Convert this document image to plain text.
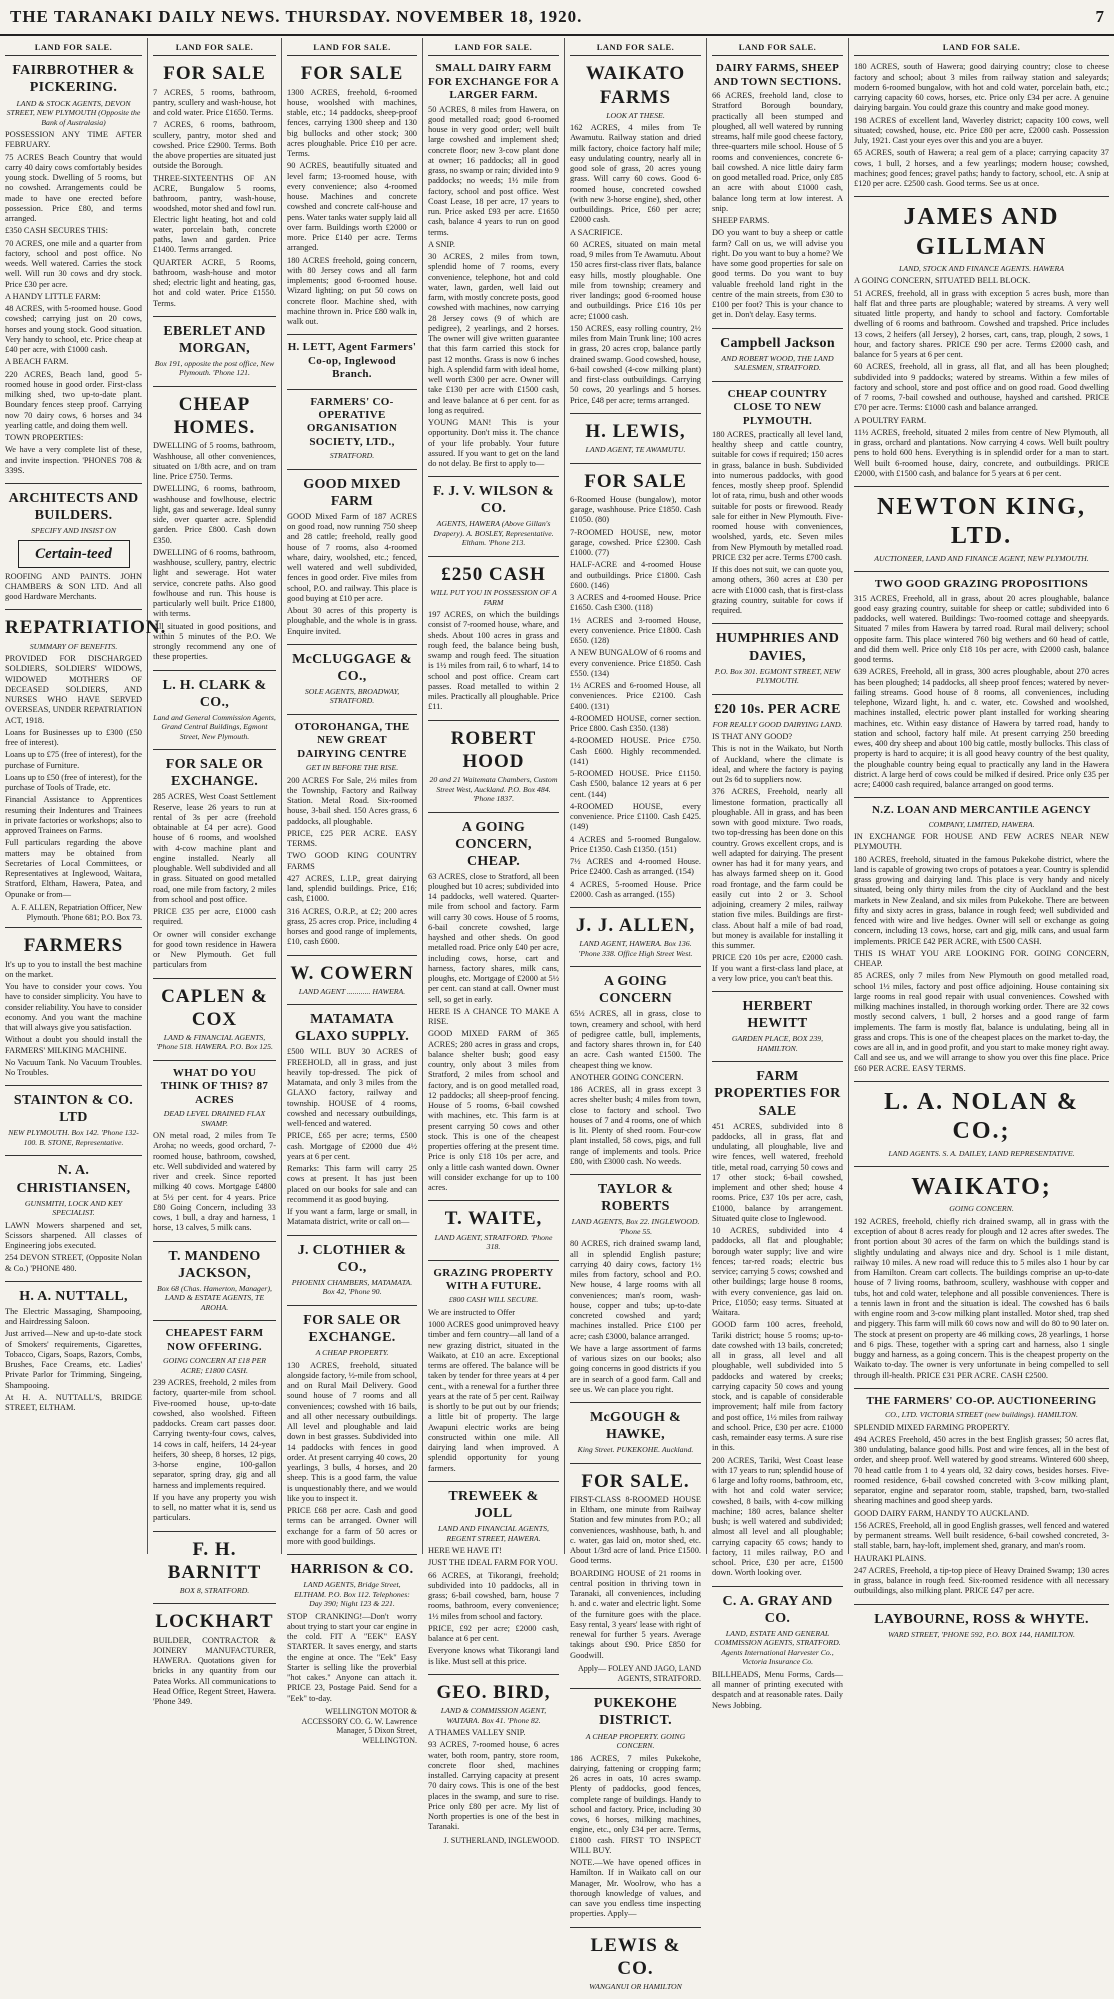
THE TARANAKI DAILY NEWS. THURSDAY. NOVEMBER 18, 1920.	7
LAND FOR SALE.
FAIRBROTHER & PICKERING.
LAND & STOCK AGENTS, DEVON STREET, NEW PLYMOUTH (Opposite the Bank of Australasia)

POSSESSION ANY TIME AFTER FEBRUARY.

75 ACRES Beach Country that would carry 40 dairy cows comfortably besides young stock. Dwelling of 5 rooms, but no cowshed. Arrangements could be made to have one erected before possession. Price £80, and terms arranged.

£350 CASH SECURES THIS:

70 ACRES, one mile and a quarter from factory, school and post office. No weeds. Well watered. Carries the stock well. Will run 30 cows and dry stock. Price £30 per acre.

A HANDY LITTLE FARM:

48 ACRES, with 5-roomed house. Good cowshed; carrying just on 20 cows, horses and young stock. Good situation. Very handy to school, etc. Price cheap at £40 per acre, with £1000 cash.

A BEACH FARM.

220 ACRES, Beach land, good 5-roomed house in good order. First-class milking shed, two up-to-date plant. Boundary fences steep proof. Carrying now 70 dairy cows, 6 horses and 34 yearling cattle, and doing them well.

TOWN PROPERTIES:

We have a very complete list of these, and invite inspection. 'PHONES 708 & 339S.

ARCHITECTS AND BUILDERS.
SPECIFY AND INSIST ON
Certain-teed

ROOFING AND PAINTS. JOHN CHAMBERS & SON LTD. And all good Hardware Merchants.

REPATRIATION.
SUMMARY OF BENEFITS.

PROVIDED FOR DISCHARGED SOLDIERS, SOLDIERS' WIDOWS, WIDOWED MOTHERS OF DECEASED SOLDIERS, AND NURSES WHO HAVE SERVED OVERSEAS, UNDER REPATRIATION ACT, 1918.

Loans for Businesses up to £300 (£50 free of interest).

Loans up to £75 (free of interest), for the purchase of Furniture.

Loans up to £50 (free of interest), for the purchase of Tools of Trade, etc.

Financial Assistance to Apprentices resuming their Indentures and Trainees in private factories or workshops; also to approved Trainees on Farms.

Full particulars regarding the above matters may be obtained from Secretaries of Local Committees, or Representatives at Inglewood, Waitara, Stratford, Eltham, Hawera, Patea, and Opunake or from—

A. F. ALLEN, Repatriation Officer, New Plymouth. 'Phone 681; P.O. Box 73.
FARMERS

It's up to you to install the best machine on the market.

You have to consider your cows. You have to consider simplicity. You have to consider reliability. You have to consider economy. And you want the machine that will always give you satisfaction.

Without a doubt you should install the FARMERS' MILKING MACHINE.

No Vacuum Tank. No Vacuum Troubles. No Troubles.

STAINTON & CO. LTD
NEW PLYMOUTH. Box 142. 'Phone 132-100. B. STONE, Representative.
N. A. CHRISTIANSEN,
GUNSMITH, LOCK AND KEY SPECIALIST.

LAWN Mowers sharpened and set, Scissors sharpened. All classes of Engineering jobs executed.

254 DEVON STREET, (Opposite Nolan & Co.) 'PHONE 480.

H. A. NUTTALL,

The Electric Massaging, Shampooing, and Hairdressing Saloon.

Just arrived—New and up-to-date stock of Smokers' requirements, Cigarettes, Tobacco, Cigars, Soaps, Razors, Combs, Brushes, Face Creams, etc. Ladies' Private Parlor for Trimming, Singeing, Shampooing.

At H. A. NUTTALL'S, BRIDGE STREET, ELTHAM.

LAND FOR SALE.
FOR SALE

7 ACRES, 5 rooms, bathroom, pantry, scullery and wash-house, hot and cold water. Price £1650. Terms.

7 ACRES, 6 rooms, bathroom, scullery, pantry, motor shed and cowshed. Price £2900. Terms. Both the above properties are situated just outside the Borough.

THREE-SIXTEENTHS OF AN ACRE, Bungalow 5 rooms, bathroom, pantry, wash-house, woodshed, motor shed and fowl run. Electric light heating, hot and cold water, porcelain bath, concrete paths, lawn and garden. Price £1400. Terms arranged.

QUARTER ACRE, 5 Rooms, bathroom, wash-house and motor shed; electric light and heating, gas, hot and cold water. Price £1550. Terms.

EBERLET AND MORGAN,
Box 191, opposite the post office, New Plymouth. 'Phone 121.
CHEAP HOMES.

DWELLING of 5 rooms, bathroom, Washhouse, all other conveniences, situated on 1/8th acre, and on tram line. Price £750. Terms.

DWELLING, 6 rooms, bathroom, washhouse and fowlhouse, electric light, gas and sewerage. Ideal sunny side, over quarter acre. Splendid garden. Price £800. Cash down £350.

DWELLING of 6 rooms, bathroom, washhouse, scullery, pantry, electric light and sewerage. Hot water service, concrete paths. Also good fowlhouse and run. This house is particularly well built. Price £1800, with terms.

All situated in good positions, and within 5 minutes of the P.O. We strongly recommend any one of these properties.

L. H. CLARK & CO.,
Land and General Commission Agents, Grand Central Buildings, Egmont Street, New Plymouth.
FOR SALE OR EXCHANGE.

285 ACRES, West Coast Settlement Reserve, lease 26 years to run at rental of 3s per acre (freehold obtainable at £4 per acre). Good house of 6 rooms, and woolshed with 4-cow machine plant and engine installed. Nearly all ploughable. Well subdivided and all in grass. Situated on good metalled road, one mile from factory, 2 miles from school and post office.

PRICE £35 per acre, £1000 cash required.

Or owner will consider exchange for good town residence in Hawera or New Plymouth. Get full particulars from

CAPLEN & COX
LAND & FINANCIAL AGENTS, 'Phone 518. HAWERA. P.O. Box 125.
WHAT DO YOU THINK OF THIS? 87 ACRES
DEAD LEVEL DRAINED FLAX SWAMP.

ON metal road, 2 miles from Te Aroha; no weeds, good orchard, 7-roomed house, bathroom, cowshed, etc. Well subdivided and watered by river and creek. Since reported milking 40 cows. Mortgage £4800 at 5½ per cent. for 4 years. Price £80 Going Concern, including 33 cows, 1 bull, a dray and harness, 1 horse, 13 calves, 5 milk cans.

T. MANDENO JACKSON,
Box 68 (Chas. Hamerton, Manager), LAND & ESTATE AGENTS, TE AROHA.
CHEAPEST FARM NOW OFFERING.
GOING CONCERN AT £18 PER ACRE; £1800 CASH.

239 ACRES, freehold, 2 miles from factory, quarter-mile from school. Five-roomed house, up-to-date cowshed, also woolshed. Fifteen paddocks. Cream cart passes door. Carrying twenty-four cows, calves, 14 cows in calf, heifers, 14 24-year heifers, 30 sheep, 8 horses, 12 pigs, 3-horse engine, 100-gallon separator, spring dray, gig and all harness and implements required.

If you have any property you wish to sell, no matter what it is, send us particulars.

F. H. BARNITT
BOX 8, STRATFORD.
LOCKHART

BUILDER, CONTRACTOR & JOINERY MANUFACTURER, HAWERA. Quotations given for bricks in any quantity from our Patea Works. All communications to Head Office, Regent Street, Hawera. 'Phone 349.

LAND FOR SALE.
FOR SALE

1300 ACRES, freehold, 6-roomed house, woolshed with machines, stable, etc.; 14 paddocks, sheep-proof fences, carrying 1300 sheep and 130 big bullocks and other stock; 300 acres ploughable. Price £10 per acre. Terms.

90 ACRES, beautifully situated and level farm; 13-roomed house, with every convenience; also 4-roomed house. Machines and concrete cowshed and concrete calf-house and pens. Water tanks water supply laid all over farm. Buildings worth £2000 or more. Price £140 per acre. Terms arranged.

180 ACRES freehold, going concern, with 80 Jersey cows and all farm implements; good 6-roomed house. Wizard lighting; on put 50 cows on concrete floor. Machine shed, with machine thrown in. Price £80 walk in, walk out.

H. LETT, Agent Farmers' Co-op, Inglewood Branch.
FARMERS' CO-OPERATIVE ORGANISATION SOCIETY, LTD.,
STRATFORD.
GOOD MIXED FARM

GOOD Mixed Farm of 187 ACRES on good road, now running 750 sheep and 28 cattle; freehold, really good house of 7 rooms, also 4-roomed whare, dairy, woolshed, etc.; fenced, well watered and well subdivided, fences in good order. Five miles from school, P.O. and railway. This place is good buying at £10 per acre.

About 30 acres of this property is ploughable, and the whole is in grass. Enquire invited.

McCLUGGAGE & CO.,
SOLE AGENTS, BROADWAY, STRATFORD.
OTOROHANGA, THE NEW GREAT DAIRYING CENTRE
GET IN BEFORE THE RISE.

200 ACRES For Sale, 2½ miles from the Township, Factory and Railway Station. Metal Road. Six-roomed house, 3-bail shed. 150 Acres grass, 6 paddocks, all ploughable.

PRICE, £25 PER ACRE. EASY TERMS.

TWO GOOD KING COUNTRY FARMS

427 ACRES, L.I.P., great dairying land, splendid buildings. Price, £16; cash, £1000.

316 ACRES, O.R.P., at £2; 200 acres grass, 25 acres crop. Price, including 4 horses and good range of implements, £10, cash £600.

W. COWERN
LAND AGENT ............ HAWERA.
MATAMATA GLAXO SUPPLY.

£500 WILL BUY 30 ACRES of FREEHOLD, all in grass, and just heavily top-dressed. The pick of Matamata, and only 3 miles from the GLAXO factory, railway and township. HOUSE of 4 rooms, cowshed and necessary outbuildings, well-fenced and watered.

PRICE, £65 per acre; terms, £500 cash. Mortgage of £2000 due 4½ years at 6 per cent.

Remarks: This farm will carry 25 cows at present. It has just been placed on our books for sale and can recommend it as good buying.

If you want a farm, large or small, in Matamata district, write or call on—

J. CLOTHIER & CO.,
PHOENIX CHAMBERS, MATAMATA. Box 42, 'Phone 90.
FOR SALE OR EXCHANGE.
A CHEAP PROPERTY.

130 ACRES, freehold, situated alongside factory, ½-mile from school, and on Rural Mail Delivery. Good sound house of 7 rooms and all conveniences; cowshed with 16 bails, and all other necessary outbuildings. All level and ploughable and laid down in best grasses. Subdivided into 14 paddocks with fences in good order. At present carrying 40 cows, 20 yearlings, 3 bulls, 4 horses, and 20 sheep. This is a good farm, the value is unquestionably there, and we would like you to inspect it.

PRICE £68 per acre. Cash and good terms can be arranged. Owner will exchange for a farm of 50 acres or more with good buildings.

HARRISON & CO.
LAND AGENTS, Bridge Street, ELTHAM. P.O. Box 112. Telephones: Day 390; Night 123 & 221.

STOP CRANKING!—Don't worry about trying to start your car engine in the cold. FIT A "EEK" EASY STARTER. It saves energy, and starts the engine at once. The "Eek" Easy Starter is selling like the proverbial "hot cakes." Anyone can attach it. PRICE 23, Postage Paid. Send for a "Eek" to-day.

WELLINGTON MOTOR & ACCESSORY CO. G. W. Lawrence Manager, 5 Dixon Street, WELLINGTON.
LAND FOR SALE.
SMALL DAIRY FARM FOR EXCHANGE FOR A LARGER FARM.

50 ACRES, 8 miles from Hawera, on good metalled road; good 6-roomed house in very good order; well built large cowshed and implement shed; concrete floor; new 3-cow plant done at owner; 16 paddocks; all in good grass, no swamp or rain; divided into 9 paddocks; no weeds; 1½ mile from factory, school and post office. West Coast Lease, 18 per acre, 17 years to run. Price asked £93 per acre. £1650 cash, balance 4 years to run on good terms.

A SNIP.

30 ACRES, 2 miles from town, splendid home of 7 rooms, every convenience, telephone, hot and cold water, lawn, garden, well laid out farm, with mostly concrete posts, good cowshed with machines, now carrying 28 Jersey cows (9 of which are pedigree), 2 yearlings, and 2 horses. The owner will give written guarantee that this farm carried this stock for past 12 months. Grass is now 6 inches high. A splendid farm with ideal home, well worth £300 per acre. Owner will take £130 per acre with £1500 cash, and leave balance at 6 per cent. for as long as required.

YOUNG MAN! This is your opportunity. Don't miss it. The chance of your life probably. Your future assured. If you want to get on the land do not delay. Be first to apply to—

F. J. V. WILSON & CO.
AGENTS, HAWERA (Above Gillan's Drapery). A. BOSLEY, Representative. Eltham. 'Phone 213.
£250 CASH
WILL PUT YOU IN POSSESSION OF A FARM

197 ACRES, on which the buildings consist of 7-roomed house, whare, and sheds. About 100 acres in grass and rough feed, the balance being bush, swamp and rough feed. The situation is 1½ miles from rail, 6 to wharf, 14 to school and post office. Cream cart passes. Road metalled to within 2 miles. Practically all ploughable. Price £11.

ROBERT HOOD
20 and 21 Waitemata Chambers, Custom Street West, Auckland. P.O. Box 484. 'Phone 1837.
A GOING CONCERN, CHEAP.

63 ACRES, close to Stratford, all been ploughed but 10 acres; subdivided into 14 paddocks, well watered. Quarter-mile from school and factory. Farm will carry 30 cows. House of 5 rooms, 6-bail concrete cowshed, large hayshed and other sheds. On good metalled road. Price only £40 per acre, including cows, horse, cart and harness, factory shares, milk cans, ploughs, etc. Mortgage of £2000 at 5½ per cent. can stand at call. Owner must sell, so get in early.

HERE IS A CHANCE TO MAKE A RISE.

GOOD MIXED FARM of 365 ACRES; 280 acres in grass and crops, balance shelter bush; good easy country, only about 3 miles from Stratford, 2 miles from school and factory, and is on good metalled road, 12 paddocks; all sheep-proof fencing. House of 5 rooms, 6-bail cowshed with machines, etc. This farm is at present carrying 50 cows and other stock. This is one of the cheapest properties offering at the present time. Price is only £18 10s per acre, and only a little cash wanted down. Owner will consider exchange for up to 100 acres.

T. WAITE,
LAND AGENT, STRATFORD. 'Phone 318.
GRAZING PROPERTY WITH A FUTURE.
£800 CASH WILL SECURE.

We are instructed to Offer

1000 ACRES good unimproved heavy timber and fern country—all land of a new grazing district, situated in the Waikato, at £10 an acre. Exceptional terms are offered. The balance will be taken by tender for three years at 4 per cent., with a renewal for a further three years at the rate of 5 per cent. Railway is shortly to be put out by our friends; a little bit of property. The large Awapuni electric works are being constructed within one mile. All dairying land when improved. A splendid opportunity for young farmers.

TREWEEK & JOLL
LAND AND FINANCIAL AGENTS, REGENT STREET, HAWERA.

HERE WE HAVE IT!

JUST THE IDEAL FARM FOR YOU.

66 ACRES, at Tikorangi, freehold; subdivided into 10 paddocks, all in grass; 6-bail cowshed, barn, house 7 rooms, bathroom, every convenience; 1½ miles from school and factory.

PRICE, £92 per acre; £2000 cash, balance at 6 per cent.

Everyone knows what Tikorangi land is like. Must sell at this price.

GEO. BIRD,
LAND & COMMISSION AGENT, WAITARA. Box 41. 'Phone 82.

A THAMES VALLEY SNIP.

93 ACRES, 7-roomed house, 6 acres water, both room, pantry, store room, concrete floor shed, machines installed. Carrying capacity at present 70 dairy cows. This is one of the best places in the swamp, and sure to rise. Price only £80 per acre. My list of North properties is one of the best in Taranaki.

J. SUTHERLAND, INGLEWOOD.
LAND FOR SALE.
WAIKATO FARMS
LOOK AT THESE.

162 ACRES, 4 miles from Te Awamutu. Railway station and dried milk factory, choice factory half mile; easy undulating country, nearly all in good sole of grass, 20 acres young grass. Will carry 60 cows. Good 6-roomed house, concreted cowshed (with new 3-horse engine), shed, other outbuildings. Price, £60 per acre; £2000 cash.

A SACRIFICE.

60 ACRES, situated on main metal road, 9 miles from Te Awamutu. About 150 acres first-class river flats, balance easy hills, mostly ploughable. One mile from township; creamery and river landings; good 6-roomed house and outbuildings. Price £16 10s per acre; £1000 cash.

150 ACRES, easy rolling country, 2½ miles from Main Trunk line; 100 acres in grass, 20 acres crop, balance partly drained swamp. Good cowshed, house, 6-bail cowshed (4-cow milking plant) and first-class outbuildings. Carrying 50 cows, 20 yearlings and 5 horses. Price, £48 per acre; terms arranged.

H. LEWIS,
LAND AGENT, TE AWAMUTU.
FOR SALE

6-Roomed House (bungalow), motor garage, washhouse. Price £1850. Cash £1050. (80)

7-ROOMED HOUSE, new, motor garage, cowshed. Price £2300. Cash £1000. (77)

HALF-ACRE and 4-roomed House and outbuildings. Price £1800. Cash £600. (146)

3 ACRES and 4-roomed House. Price £1650. Cash £300. (118)

1½ ACRES and 3-roomed House, every convenience. Price £1800. Cash £650. (128)

A NEW BUNGALOW of 6 rooms and every convenience. Price £1850. Cash £550. (134)

1½ ACRES and 6-roomed House, all conveniences. Price £2100. Cash £400. (131)

4-ROOMED HOUSE, corner section. Price £800. Cash £350. (138)

4-ROOMED HOUSE. Price £750. Cash £600. Highly recommended. (141)

5-ROOMED HOUSE. Price £1150. Cash £500, balance 12 years at 6 per cent. (144)

4-ROOMED HOUSE, every convenience. Price £1100. Cash £425. (149)

4 ACRES and 5-roomed Bungalow. Price £1350. Cash £1350. (151)

7½ ACRES and 4-roomed House. Price £2400. Cash as arranged. (154)

4 ACRES, 5-roomed House. Price £2000. Cash as arranged. (155)

J. J. ALLEN,
LAND AGENT, HAWERA. Box 136. 'Phone 338. Office High Street West.
A GOING CONCERN

65½ ACRES, all in grass, close to town, creamery and school, with herd of pedigree cattle, bull, implements, and factory shares thrown in, for £40 an acre. Cash wanted £1500. The cheapest thing we know.

ANOTHER GOING CONCERN.

186 ACRES, all in grass except 3 acres shelter bush; 4 miles from town, close to factory and school. Two houses of 7 and 4 rooms, one of which is lit. Plenty of shed room. Four-cow plant installed, 58 cows, pigs, and full range of implements and tools. Price £80, with £3000 cash. No weeds.

TAYLOR & ROBERTS
LAND AGENTS, Box 22. INGLEWOOD. 'Phone 55.

80 ACRES, rich drained swamp land, all in splendid English pasture; carrying 40 dairy cows, factory 1½ miles from factory, school and P.O. New house, 4 large rooms with all conveniences; man's room, wash-house, copper and tubs; up-to-date concreted cowshed and yard; machines installed. Price £100 per acre; cash £3000, balance arranged.

We have a large assortment of farms of various sizes on our books; also going concerns in good districts if you are in search of a good farm. Call and see us. We can place you right.

McGOUGH & HAWKE,
King Street. PUKEKOHE. Auckland.
FOR SALE.

FIRST-CLASS 8-ROOMED HOUSE in Eltham, one minute from Railway Station and few minutes from P.O.; all conveniences, washhouse, bath, h. and c. water, gas laid on, motor shed, etc. About 1/3rd acre of land. Price £1500. Good terms.

BOARDING HOUSE of 21 rooms in central position in thriving town in Taranaki, all conveniences, including h. and c. water and electric light. Some of the furniture goes with the place. Easy rental, 3 years' lease with right of renewal for further 5 years. Average takings about £90. Price £850 for Goodwill.

Apply— FOLEY AND JAGO, LAND AGENTS, STRATFORD.
PUKEKOHE DISTRICT.
A CHEAP PROPERTY. GOING CONCERN.

186 ACRES, 7 miles Pukekohe, dairying, fattening or cropping farm; 26 acres in oats, 10 acres swamp. Plenty of paddocks, good fences, complete range of buildings. Handy to school and factory. Price, including 30 cows, 6 horses, milking machines, engine, etc., only £34 per acre. Terms, £1800 cash. FIRST TO INSPECT WILL BUY.

NOTE.—We have opened offices in Hamilton. If in Waikato call on our Manager, Mr. Woolrow, who has a thorough knowledge of values, and can save you endless time inspecting properties. Apply—

LEWIS & CO.
WANGANUI OR HAMILTON
LAND FOR SALE.
DAIRY FARMS, SHEEP AND TOWN SECTIONS.

66 ACRES, freehold land, close to Stratford Borough boundary, practically all been stumped and ploughed, all well watered by running streams, half mile good cheese factory, three-quarters mile school. House of 5 rooms and conveniences, concrete 6-bail cowshed. A nice little dairy farm on good metalled road. Price, only £85 an acre with about £1000 cash, balance long term at low interest. A snip.

SHEEP FARMS.

DO you want to buy a sheep or cattle farm? Call on us, we will advise you right. Do you want to buy a home? We have some good properties for sale on good terms. Do you want to buy valuable freehold land right in the centre of the main streets, from £30 to £100 per foot? This is your chance to get in. Don't delay. Easy terms.

Campbell Jackson
AND ROBERT WOOD, THE LAND SALESMEN, STRATFORD.
CHEAP COUNTRY CLOSE TO NEW PLYMOUTH.

180 ACRES, practically all level land, healthy sheep and cattle country, suitable for cows if required; 150 acres in grass, balance in bush. Subdivided into numerous paddocks, with good fences, mostly sheep proof. Splendid lot of rata, rimu, bush and other woods suitable for posts or firewood. Ready sale for either in New Plymouth. Five-roomed house with conveniences, woolshed, yards, etc. Seven miles from New Plymouth by metalled road. PRICE £32 per acre. Terms £700 cash.

If this does not suit, we can quote you, among others, 360 acres at £30 per acre with £1000 cash, that is first-class grazing country, suitable for cows if required.

HUMPHRIES AND DAVIES,
P.O. Box 301. EGMONT STREET, NEW PLYMOUTH.
£20 10s. PER ACRE
FOR REALLY GOOD DAIRYING LAND.

IS THAT ANY GOOD?

This is not in the Waikato, but North of Auckland, where the climate is ideal, and where the factory is paying out 2s 6d to suppliers now.

376 ACRES, Freehold, nearly all limestone formation, practically all ploughable. All in grass, and has been sown with good mixture. Two roads, two top-dressing has been done on this country. Grows excellent crops, and is well adapted for dairying. The present owner has had it for many years, and has always farmed sheep on it. Good road frontage, and the farm could be easily cut into 2 or 3. School adjoining, creamery 2 miles, railway station five miles. Buildings are first-class. About half a mile of bad road, but money is available for installing it this summer.

PRICE £20 10s per acre, £2000 cash. If you want a first-class land place, at a very low price, you can't beat this.

HERBERT HEWITT
GARDEN PLACE, BOX 239, HAMILTON.
FARM PROPERTIES FOR SALE

451 ACRES, subdivided into 8 paddocks, all in grass, flat and undulating, all ploughable, live and wire fences, well watered, freehold title, metal road, carrying 50 cows and 17 other stock; 6-bail cowshed, implement and other shed; house 4 rooms. Price, £37 10s per acre, cash, £1000, balance by arrangement. Situated quite close to Inglewood.

10 ACRES, subdivided into 4 paddocks, all flat and ploughable; borough water supply; live and wire fences; tar-red roads; electric bus service; carrying 5 cows; cowshed and other buildings; large house 8 rooms, with every convenience, gas laid on. Price, £1050; easy terms. Situated at Waitara.

GOOD farm 100 acres, freehold, Tariki district; house 5 rooms; up-to-date cowshed with 13 bails, concreted; all in grass, all level and all ploughable, well subdivided into 5 paddocks and watered by creeks; carrying capacity 50 cows and young stock, and is capable of considerable improvement; half mile from factory and post office, 1½ miles from railway and school. Price, £30 per acre. £1000 cash, remainder easy terms. A sure rise in this.

200 ACRES, Tariki, West Coast lease with 17 years to run; splendid house of 6 large and lofty rooms, bathroom, etc, with hot and cold water service; cowshed, 8 bails, with 4-cow milking machine; 180 acres, balance shelter bush; is well watered and subdivided; almost all level and all ploughable; carrying capacity 65 cows; handy to factory, 11 miles railway, P.O and school. Price, £30 per acre, £1500 down. Worth looking over.

C. A. GRAY AND CO.
LAND, ESTATE AND GENERAL COMMISSION AGENTS, STRATFORD. Agents International Harvester Co., Victoria Insurance Co.

BILLHEADS, Menu Forms, Cards—all manner of printing executed with despatch and at reasonable rates. Daily News Jobbing.

LAND FOR SALE.

180 ACRES, south of Hawera; good dairying country; close to cheese factory and school; about 3 miles from railway station and saleyards; modern 6-roomed bungalow, with hot and cold water, porcelain bath, etc.; carrying capacity 60 cows, horses, etc. Price only £34 per acre. A genuine dairying bargain. You could graze this country and make good money.

198 ACRES of excellent land, Waverley district; capacity 100 cows, well situated; cowshed, house, etc. Price £80 per acre, £2000 cash. Possession July, 1921. Cast your eyes over this and you are a buyer.

65 ACRES, south of Hawera; a real gem of a place; carrying capacity 37 cows, 1 bull, 2 horses, and a few yearlings; modern house; cowshed, machines; good fences; gravel paths; handy to factory, school, etc. A snip at £120 per acre. £2500 cash. Good terms. See us at once.

JAMES AND GILLMAN
LAND, STOCK AND FINANCE AGENTS. HAWERA

A GOING CONCERN, SITUATED BELL BLOCK.

51 ACRES, freehold, all in grass with exception 5 acres bush, more than half flat and three parts are ploughable; watered by streams. A very well situated little property, and handy to school and factory. Comfortable dwelling of 6 rooms and bathroom. Cowshed and trapshed. Price includes 13 cows, 2 heifers (all Jersey), 2 horses, cart, cans, trap, plough, 2 sows, 1 hour, and factory shares. PRICE £90 per acre. Terms £2000 cash, and balance for 5 years at 6 per cent.

60 ACRES, freehold, all in grass, all flat, and all has been ploughed; subdivided into 9 paddocks; watered by streams. Within a few miles of factory and school, store and post office and on good road. Good dwelling of 7 rooms, 7-bail cowshed and outhouse, hayshed and cartshed. PRICE £70 per acre. Terms: £1000 cash and balance arranged.

A POULTRY FARM.

11½ ACRES, freehold, situated 2 miles from centre of New Plymouth, all in grass, orchard and plantations. Now carrying 4 cows. Well built poultry pens to hold 600 hens. Everything is in splendid order for a man to start. Well built 6-roomed house, dairy, concrete, and outbuildings. PRICE £2000, with £1500 cash, and balance for 5 years at 6 per cent.

NEWTON KING, LTD.
AUCTIONEER, LAND AND FINANCE AGENT, NEW PLYMOUTH.
TWO GOOD GRAZING PROPOSITIONS

315 ACRES, Freehold, all in grass, about 20 acres ploughable, balance good easy grazing country, suitable for sheep or cattle; subdivided into 6 paddocks, well watered. Buildings: Two-roomed cottage and sheepyards. Situated 7 miles from Hawera by tarred road. Rural mail delivery; school opposite farm. This place wintered 760 big wethers and 60 head of cattle, and did them well. Price only £18 10s per acre, with £2000 cash, balance good terms.

639 ACRES, Freehold, all in grass, 300 acres ploughable, about 270 acres has been ploughed; 14 paddocks, all sheep proof fences; watered by never-failing streams. Good house of 8 rooms, all conveniences, including telephone, Wizard light, h. and c. water, etc. Cowshed and woolshed, machines installed, electric power plant installed for working shearing machines, etc. Within easy distance of Hawera by tarred road, handy to station and school, factory half mile. At present carrying 250 breeding ewes, 400 dry sheep and about 100 big cattle, mostly bullocks. This class of property is hard to acquire; it is all good heavy country of the best quality, the ploughable country being equal to practically any land in the Hawera district. A large herd of cows could be milked if desired. Price only £35 per acre; £4000 cash required, balance arranged on good terms.

N.Z. LOAN AND MERCANTILE AGENCY
COMPANY, LIMITED, HAWERA.

IN EXCHANGE FOR HOUSE AND FEW ACRES NEAR NEW PLYMOUTH.

180 ACRES, freehold, situated in the famous Pukekohe district, where the land is capable of growing two crops of potatoes a year. Country is splendid grass growing and dairying land. This place is very handy and nicely situated, being only thirty miles from the city of Auckland and the best markets in New Zealand, and six miles from Pukekohe. There are between fifty and sixty acres in grass, balance in rough feed; well subdivided and fenced with wire and live hedges. Owner will sell or exchange as going concern, including 13 cows, horse, cart and gig, milk cans, and usual farm implements. PRICE £42 PER ACRE, with £500 CASH.

THIS IS WHAT YOU ARE LOOKING FOR. GOING CONCERN, CHEAP.

85 ACRES, only 7 miles from New Plymouth on good metalled road, school 1½ miles, factory and post office adjoining. House containing six large rooms in real good repair with usual conveniences. Cowshed with milking machines installed, in thorough working order. There are 32 cows mostly second calvers, 1 bull, 2 horses and a good range of farm implements. The farm is mostly flat, balance is undulating, being all in grass and crops. This is one of the cheapest places on the market to-day, the cows are all in, and in good profit, and you start to make money right away. Call and see us, and we will arrange to show you over this fine place. Price £60 PER ACRE. EASY TERMS.

L. A. NOLAN & CO.;
LAND AGENTS. S. A. DAILEY, LAND REPRESENTATIVE.
WAIKATO;
GOING CONCERN.

192 ACRES, freehold, chiefly rich drained swamp, all in grass with the exception of about 8 acres ready for plough and 12 acres after swedes. The front portion about 30 acres of the farm on which the buildings stand is slightly undulating and always nice and dry. School is 1 mile distant, railway 10 miles. A new road will reduce this to 5 miles also 1 hour by car from Hamilton. Cream cart collects. The buildings comprise an up-to-date house of 7 living rooms, bathroom, scullery, washhouse with copper and tubs, hot and cold water, telephone and all possible conveniences. There is a tennis lawn in front and the situation is ideal. The cowshed has 6 bails with engine room and 3-cow milking plant installed. Motor shed, trap shed and piggery. This farm will milk 60 cows now and will do 80 to 90 later on. The stock at present on property are 46 milking cows, 28 yearlings, 1 horse and 6 pigs. These, together with a spring cart and harness, also 1 single buggy and harness, as a going concern. This is the cheapest property on the Waikato to-day. The owner is very unfortunate in being compelled to sell through ill-health. PRICE £31 PER ACRE. CASH £2500.

THE FARMERS' CO-OP. AUCTIONEERING
CO., LTD. VICTORIA STREET (new buildings). HAMILTON.

SPLENDID MIXED FARMING PROPERTY.

494 ACRES Freehold, 450 acres in the best English grasses; 50 acres flat, 380 undulating, balance good hills. Post and wire fences, all in the best of order, and sheep proof. Well watered by good streams. Wintered 600 sheep, 70 head cattle from 1 to 4 years old, 32 dairy cows, besides horses. Five-roomed residence, 6-bail cowshed concreted with 3-cow milking plant, separator, engine and separator room, stable, trapshed, barn, two-stalled shearing machines and good sheep yards.

GOOD DAIRY FARM, HANDY TO AUCKLAND.

156 ACRES, Freehold, all in good English grasses, well fenced and watered by permanent streams. Well built residence, 6-bail cowshed concreted, 3-stall stable, barn, hay-loft, implement shed, granary, and man's room.

HAURAKI PLAINS.

247 ACRES, Freehold, a tip-top piece of Heavy Drained Swamp; 130 acres in grass, balance in rough feed. Six-roomed residence with all necessary outbuildings, also milking plant. PRICE £47 per acre.

LAYBOURNE, ROSS & WHYTE.
WARD STREET, 'PHONE 592, P.O. BOX 144, HAMILTON.
